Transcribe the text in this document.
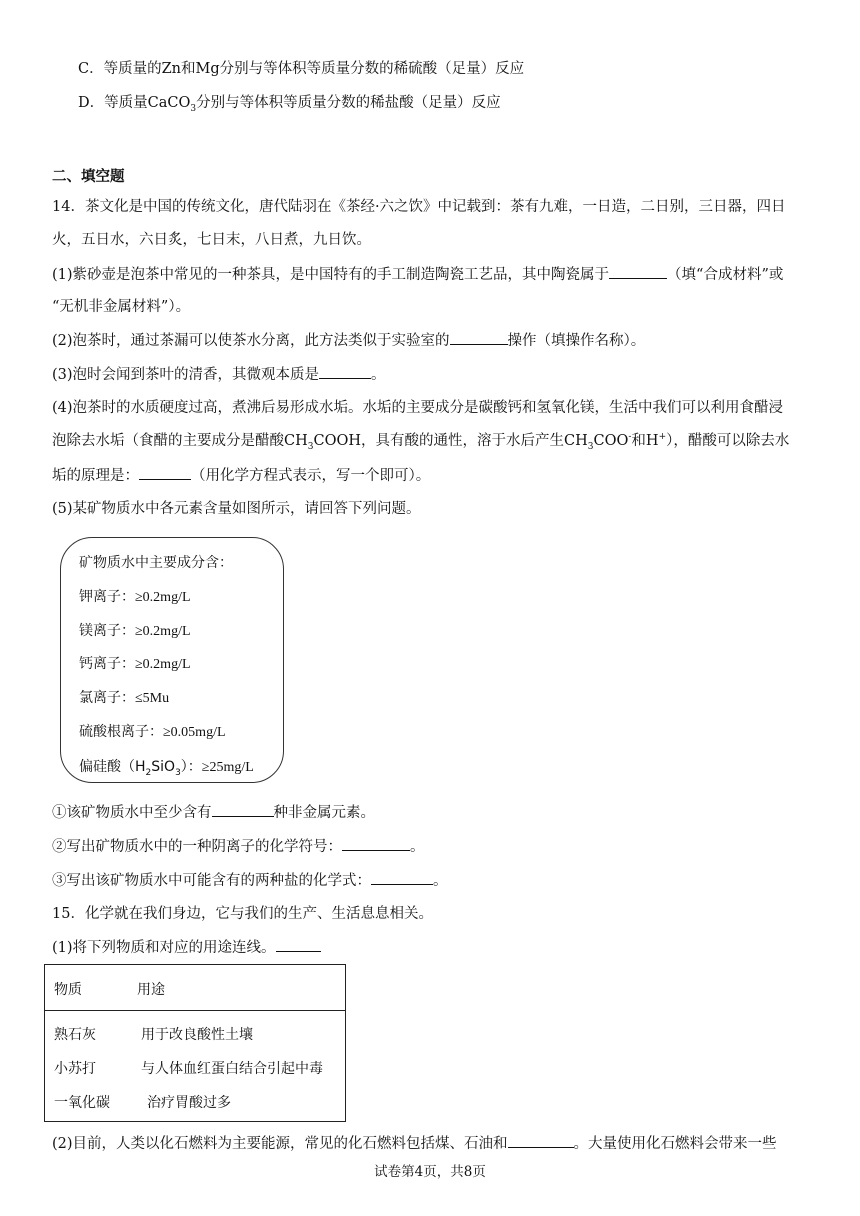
C．等质量的Zn和Mg分别与等体积等质量分数的稀硫酸（足量）反应
D．等质量CaCO$_3$分别与等体积等质量分数的稀盐酸（足量）反应
二、填空题
14．茶文化是中国的传统文化，唐代陆羽在《茶经·六之饮》中记载到：茶有九难，一日造，二日别，三日器，四日
火，五日水，六日炙，七日末，八日煮，九日饮。
(1)紫砂壶是泡茶中常见的一种茶具，是中国特有的手工制造陶瓷工艺品，其中陶瓷属于	（填“合成材料”或
“无机非金属材料”）。
(2)泡茶时，通过茶漏可以使茶水分离，此方法类似于实验室的	操作（填操作名称）。
(3)泡时会闻到茶叶的清香，其微观本质是	。
(4)泡茶时的水质硬度过高，煮沸后易形成水垢。水垢的主要成分是碳酸钙和氢氧化镁，生活中我们可以利用食醋浸
泡除去水垢（食醋的主要成分是醋酸$CH_3COOH$，具有酸的通性，溶于水后产生$CH_3COO^-$和H+），醋酸可以除去水
垢的原理是：	（用化学方程式表示，写一个即可）。
(5)某矿物质水中各元素含量如图所示，请回答下列问题。
矿物质水中主要成分含：
钾离子：≥0.2mg/L
镁离子：≥0.2mg/L
钙离子：≥0.2mg/L
氯离子：≤5Mu
硫酸根离子：≥0.05mg/L
偏硅酸$(H_2SiO_3)$：≥25mg/L
①该矿物质水中至少含有	种非金属元素。
②写出矿物质水中的一种阴离子的化学符号：	。
③写出该矿物质水中可能含有的两种盐的化学式：	。
15．化学就在我们身边，它与我们的生产、生活息息相关。
(1)将下列物质和对应的用途连线。
物质	用途
熟石灰	用于改良酸性土壤
小苏打	与人体血红蛋白结合引起中毒
一氧化碳	治疗胃酸过多
(2)目前，人类以化石燃料为主要能源，常见的化石燃料包括煤、石油和	。大量使用化石燃料会带来一些
试卷第4页，共8页
